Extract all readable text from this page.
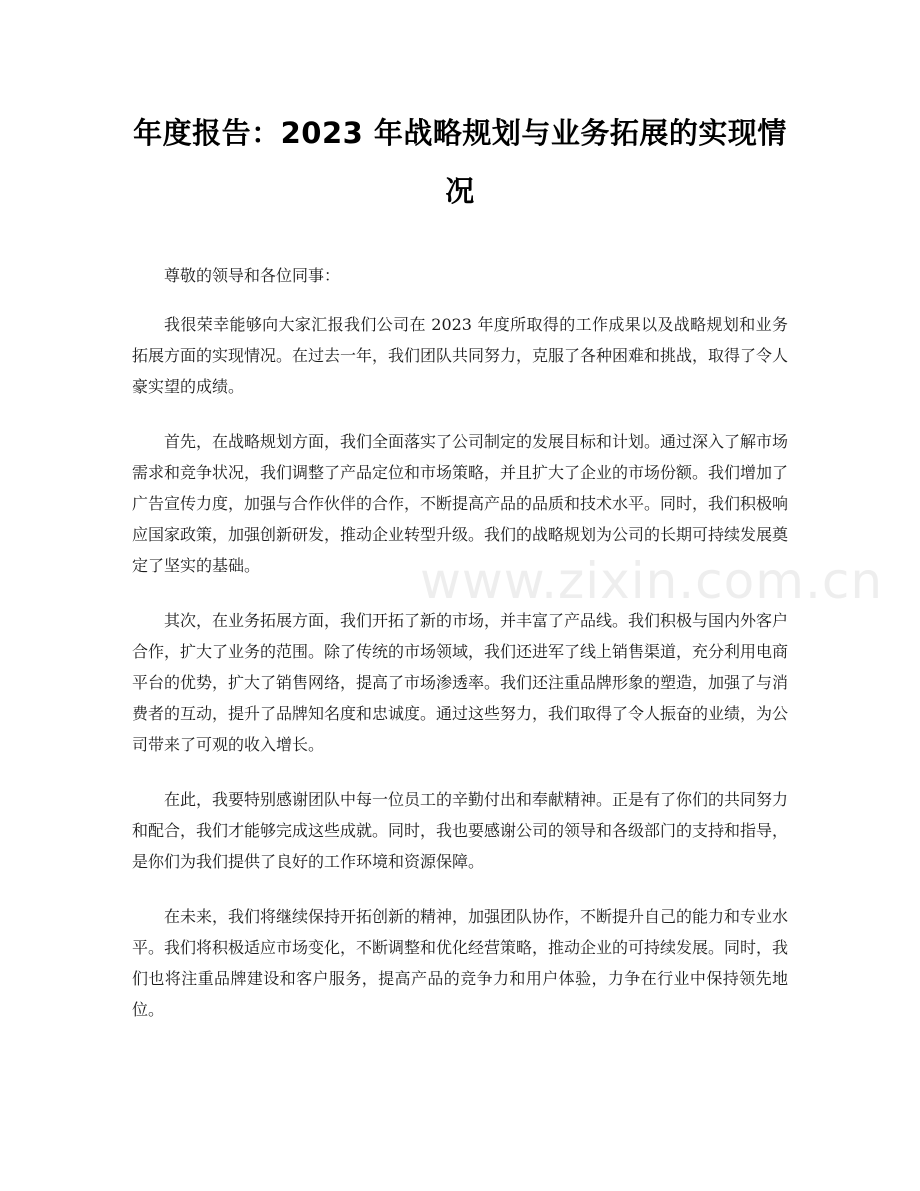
年度报告：2023 年战略规划与业务拓展的实现情况

尊敬的领导和各位同事：

我很荣幸能够向大家汇报我们公司在 2023 年度所取得的工作成果以及战略规划和业务拓展方面的实现情况。在过去一年，我们团队共同努力，克服了各种困难和挑战，取得了令人豪实望的成绩。

首先，在战略规划方面，我们全面落实了公司制定的发展目标和计划。通过深入了解市场需求和竞争状况，我们调整了产品定位和市场策略，并且扩大了企业的市场份额。我们增加了广告宣传力度，加强与合作伙伴的合作，不断提高产品的品质和技术水平。同时，我们积极响应国家政策，加强创新研发，推动企业转型升级。我们的战略规划为公司的长期可持续发展奠定了坚实的基础。

其次，在业务拓展方面，我们开拓了新的市场，并丰富了产品线。我们积极与国内外客户合作，扩大了业务的范围。除了传统的市场领域，我们还进军了线上销售渠道，充分利用电商平台的优势，扩大了销售网络，提高了市场渗透率。我们还注重品牌形象的塑造，加强了与消费者的互动，提升了品牌知名度和忠诚度。通过这些努力，我们取得了令人振奋的业绩，为公司带来了可观的收入增长。

在此，我要特别感谢团队中每一位员工的辛勤付出和奉献精神。正是有了你们的共同努力和配合，我们才能够完成这些成就。同时，我也要感谢公司的领导和各级部门的支持和指导，是你们为我们提供了良好的工作环境和资源保障。

在未来，我们将继续保持开拓创新的精神，加强团队协作，不断提升自己的能力和专业水平。我们将积极适应市场变化，不断调整和优化经营策略，推动企业的可持续发展。同时，我们也将注重品牌建设和客户服务，提高产品的竞争力和用户体验，力争在行业中保持领先地位。

www.zixin.com.cn
